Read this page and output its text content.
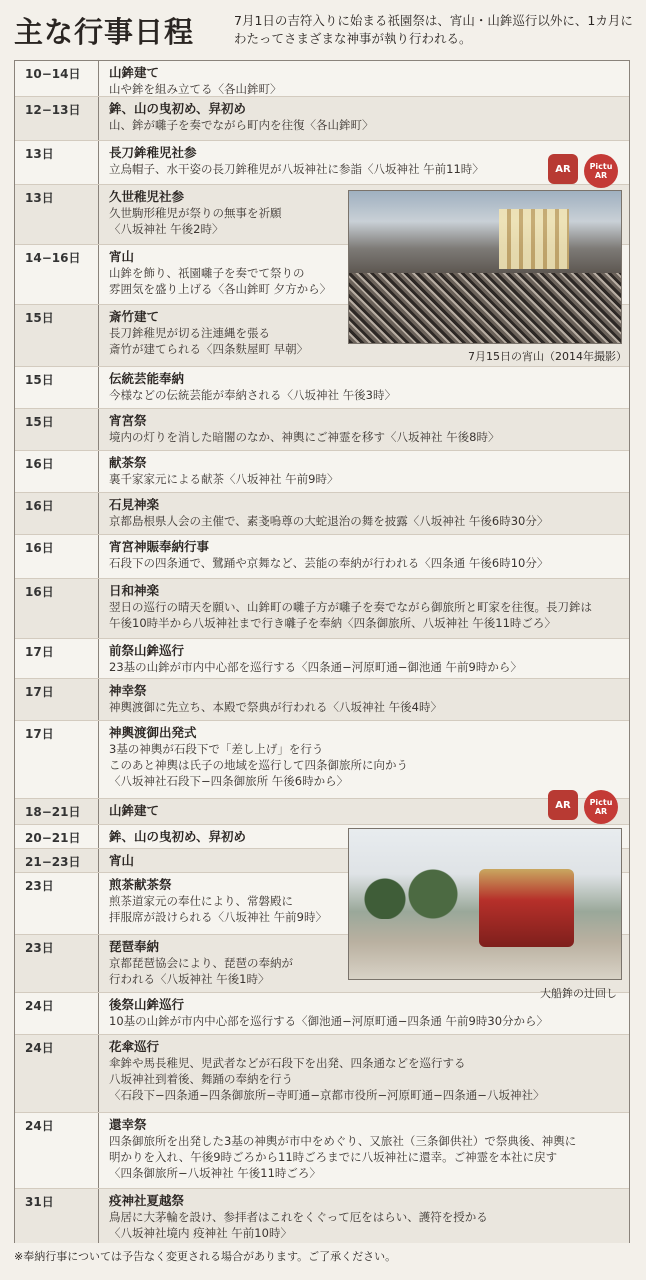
主な行事日程	7月1日の吉符入りに始まる祇園祭は、宵山・山鉾巡行以外に、1カ月にわたってさまざまな神事が執り行われる。
10−14日	山鉾建て
山や鉾を組み立てる〈各山鉾町〉
12−13日	鉾、山の曳初め、舁初め
山、鉾が囃子を奏でながら町内を往復〈各山鉾町〉
13日	長刀鉾稚児社参
立烏帽子、水干姿の長刀鉾稚児が八坂神社に参詣〈八坂神社 午前11時〉
13日	久世稚児社参
久世駒形稚児が祭りの無事を祈願
〈八坂神社 午後2時〉
14−16日	宵山
山鉾を飾り、祇園囃子を奏でて祭りの
雰囲気を盛り上げる〈各山鉾町 夕方から〉
15日	斎竹建て
長刀鉾稚児が切る注連縄を張る
斎竹が建てられる〈四条麩屋町 早朝〉
15日	伝統芸能奉納
今様などの伝統芸能が奉納される〈八坂神社 午後3時〉
15日	宵宮祭
境内の灯りを消した暗闇のなか、神輿にご神霊を移す〈八坂神社 午後8時〉
16日	献茶祭
裏千家家元による献茶〈八坂神社 午前9時〉
16日	石見神楽
京都島根県人会の主催で、素戔嗚尊の大蛇退治の舞を披露〈八坂神社 午後6時30分〉
16日	宵宮神賑奉納行事
石段下の四条通で、鷺踊や京舞など、芸能の奉納が行われる〈四条通 午後6時10分〉
16日	日和神楽
翌日の巡行の晴天を願い、山鉾町の囃子方が囃子を奏でながら御旅所と町家を往復。長刀鉾は
午後10時半から八坂神社まで行き囃子を奉納〈四条御旅所、八坂神社 午後11時ごろ〉
17日	前祭山鉾巡行
23基の山鉾が市内中心部を巡行する〈四条通−河原町通−御池通 午前9時から〉
17日	神幸祭
神輿渡御に先立ち、本殿で祭典が行われる〈八坂神社 午後4時〉
17日	神輿渡御出発式
3基の神輿が石段下で「差し上げ」を行う
このあと神輿は氏子の地域を巡行して四条御旅所に向かう
〈八坂神社石段下−四条御旅所 午後6時から〉
18−21日	山鉾建て
20−21日	鉾、山の曳初め、舁初め
21−23日	宵山
23日	煎茶献茶祭
煎茶道家元の奉仕により、常磐殿に
拝服席が設けられる〈八坂神社 午前9時〉
23日	琵琶奉納
京都琵琶協会により、琵琶の奉納が
行われる〈八坂神社 午後1時〉
24日	後祭山鉾巡行
10基の山鉾が市内中心部を巡行する〈御池通−河原町通−四条通 午前9時30分から〉
24日	花傘巡行
傘鉾や馬長稚児、児武者などが石段下を出発、四条通などを巡行する
八坂神社到着後、舞踊の奉納を行う
〈石段下−四条通−四条御旅所−寺町通−京都市役所−河原町通−四条通−八坂神社〉
24日	還幸祭
四条御旅所を出発した3基の神輿が市中をめぐり、又旅社（三条御供社）で祭典後、神輿に
明かりを入れ、午後9時ごろから11時ごろまでに八坂神社に還幸。ご神霊を本社に戻す
〈四条御旅所−八坂神社 午後11時ごろ〉
31日	疫神社夏越祭
鳥居に大茅輪を設け、参拝者はこれをくぐって厄をはらい、護符を授かる
〈八坂神社境内 疫神社 午前10時〉
7月15日の宵山（2014年撮影）
大船鉾の辻回し
AR	Pictu
AR
AR	Pictu
AR
※奉納行事については予告なく変更される場合があります。ご了承ください。
